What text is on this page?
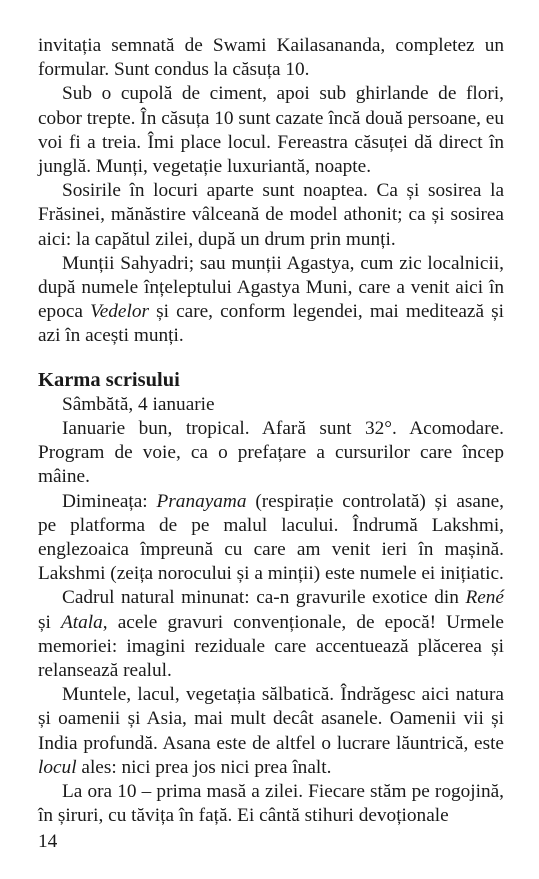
invitația semnată de Swami Kailasananda, completez un formular. Sunt condus la căsuța 10.

Sub o cupolă de ciment, apoi sub ghirlande de flori, cobor trepte. În căsuța 10 sunt cazate încă două persoane, eu voi fi a treia. Îmi place locul. Fereastra căsuței dă direct în junglă. Munți, vegetație luxuriantă, noapte.

Sosirile în locuri aparte sunt noaptea. Ca și sosirea la Frăsinei, mănăstire vâlceană de model athonit; ca și sosirea aici: la capătul zilei, după un drum prin munți.

Munții Sahyadri; sau munții Agastya, cum zic localnicii, după numele înțeleptului Agastya Muni, care a venit aici în epoca Vedelor și care, conform legendei, mai meditează și azi în acești munți.

Karma scrisului

Sâmbătă, 4 ianuarie

Ianuarie bun, tropical. Afară sunt 32°. Acomodare. Program de voie, ca o prefațare a cursurilor care încep mâine.

Dimineața: Pranayama (respirație controlată) și asane, pe platforma de pe malul lacului. Îndrumă Lakshmi, englezoaica împreună cu care am venit ieri în mașină. Lakshmi (zeița norocului și a minții) este numele ei inițiatic.

Cadrul natural minunat: ca-n gravurile exotice din René și Atala, acele gravuri convenționale, de epocă! Urmele memoriei: imagini reziduale care accentuează plăcerea și relansează realul.

Muntele, lacul, vegetația sălbatică. Îndrăgesc aici natura și oamenii și Asia, mai mult decât asanele. Oamenii vii și India profundă. Asana este de altfel o lucrare lăuntrică, este locul ales: nici prea jos nici prea înalt.

La ora 10 – prima masă a zilei. Fiecare stăm pe rogojină, în șiruri, cu tăvița în față. Ei cântă stihuri devoționale

14
